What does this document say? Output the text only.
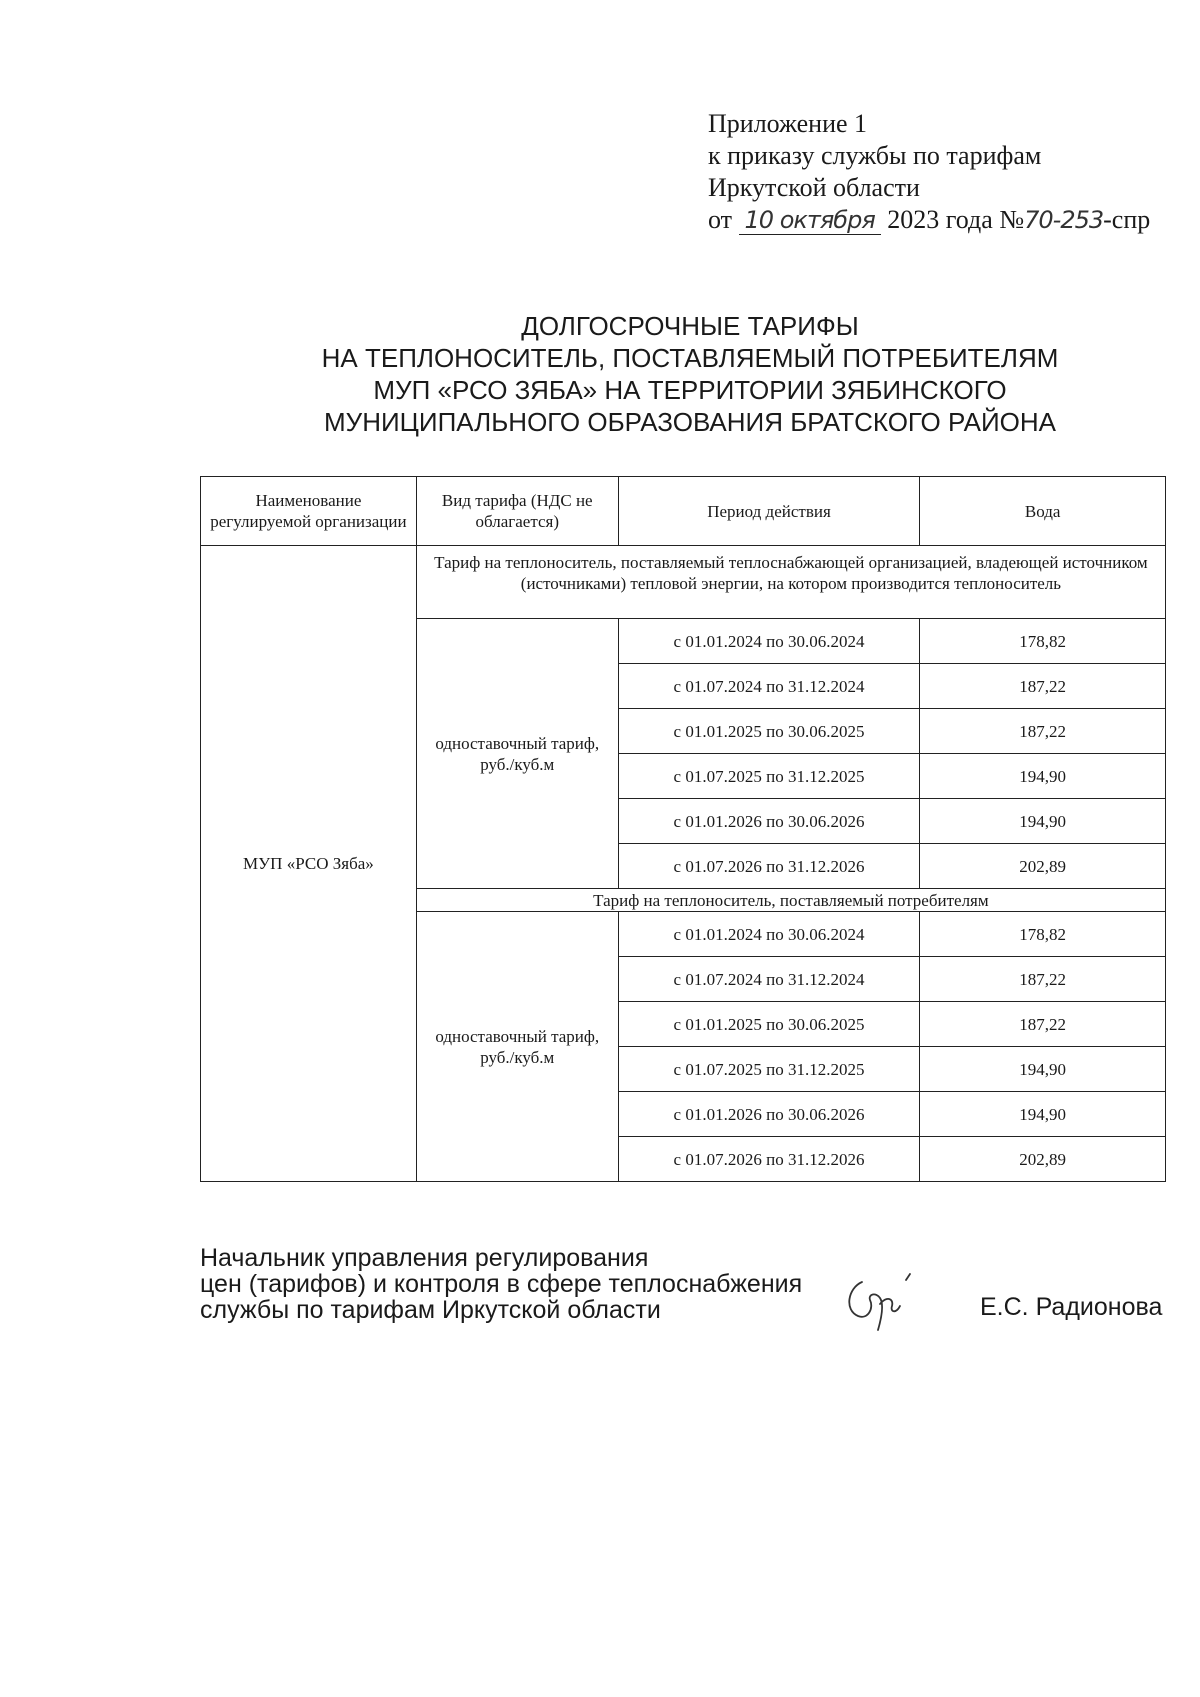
Приложение 1
к приказу службы по тарифам
Иркутской области
от 10 октября 2023 года №70-253-спр
ДОЛГОСРОЧНЫЕ ТАРИФЫ
НА ТЕПЛОНОСИТЕЛЬ, ПОСТАВЛЯЕМЫЙ ПОТРЕБИТЕЛЯМ
МУП «РСО ЗЯБА» НА ТЕРРИТОРИИ ЗЯБИНСКОГО
МУНИЦИПАЛЬНОГО ОБРАЗОВАНИЯ БРАТСКОГО РАЙОНА
Наименование регулируемой организации	Вид тарифа (НДС не облагается)	Период действия	Вода
МУП «РСО Зяба»	Тариф на теплоноситель, поставляемый теплоснабжающей организацией, владеющей источником (источниками) тепловой энергии, на котором производится теплоноситель		
	одноставочный тариф, руб./куб.м	с 01.01.2024 по 30.06.2024	178,82
		с 01.07.2024 по 31.12.2024	187,22
		с 01.01.2025 по 30.06.2025	187,22
		с 01.07.2025 по 31.12.2025	194,90
		с 01.01.2026 по 30.06.2026	194,90
		с 01.07.2026 по 31.12.2026	202,89
	Тариф на теплоноситель, поставляемый потребителям		
	одноставочный тариф, руб./куб.м	с 01.01.2024 по 30.06.2024	178,82
		с 01.07.2024 по 31.12.2024	187,22
		с 01.01.2025 по 30.06.2025	187,22
		с 01.07.2025 по 31.12.2025	194,90
		с 01.01.2026 по 30.06.2026	194,90
		с 01.07.2026 по 31.12.2026	202,89
Начальник управления регулирования
цен (тарифов) и контроля в сфере теплоснабжения
службы по тарифам Иркутской области	Е.С. Радионова
